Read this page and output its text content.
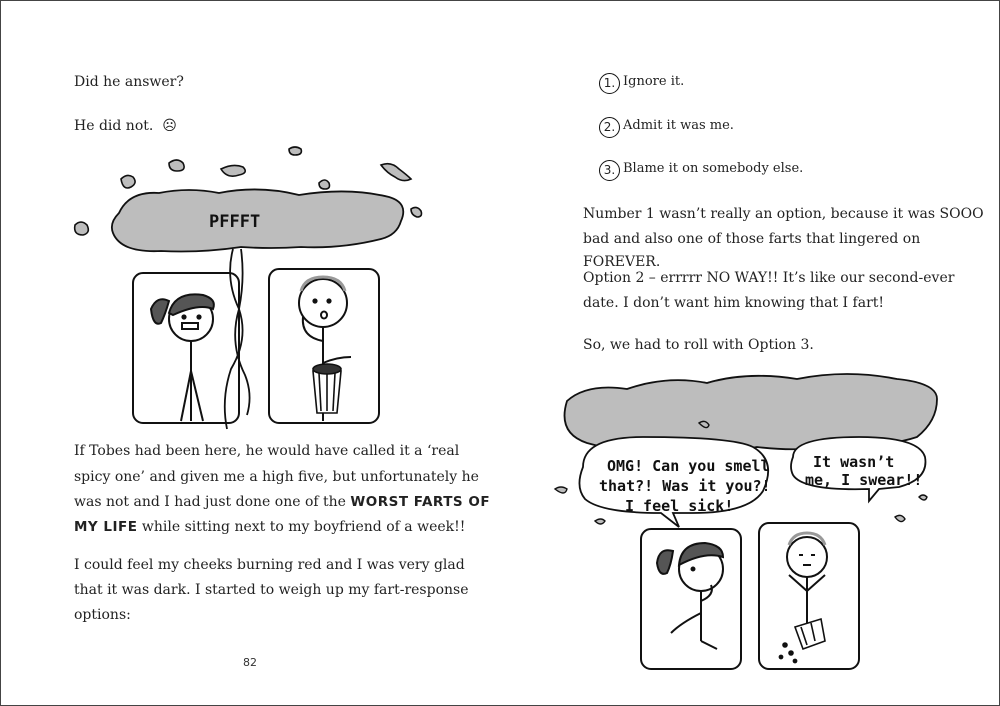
Did he answer?

He did not. ☹

PFFFT

If Tobes had been here, he would have called it a ‘real

spicy one’ and given me a high five, but unfortunately he

was not and I had just done one of the WORST FARTS OF

MY LIFE while sitting next to my boyfriend of a week!!

I could feel my cheeks burning red and I was very glad

that it was dark. I started to weigh up my fart-response

options:

82
1. Ignore it.

2. Admit it was me.

3. Blame it on somebody else.

Number 1 wasn’t really an option, because it was SOOO

bad and also one of those farts that lingered on FOREVER.

Option 2 – errrrr NO WAY!! It’s like our second-ever

date. I don’t want him knowing that I fart!

So, we had to roll with Option 3.

OMG! Can you smell
that?! Was it you?!
I feel sick!
It wasn’t
me, I swear!!
